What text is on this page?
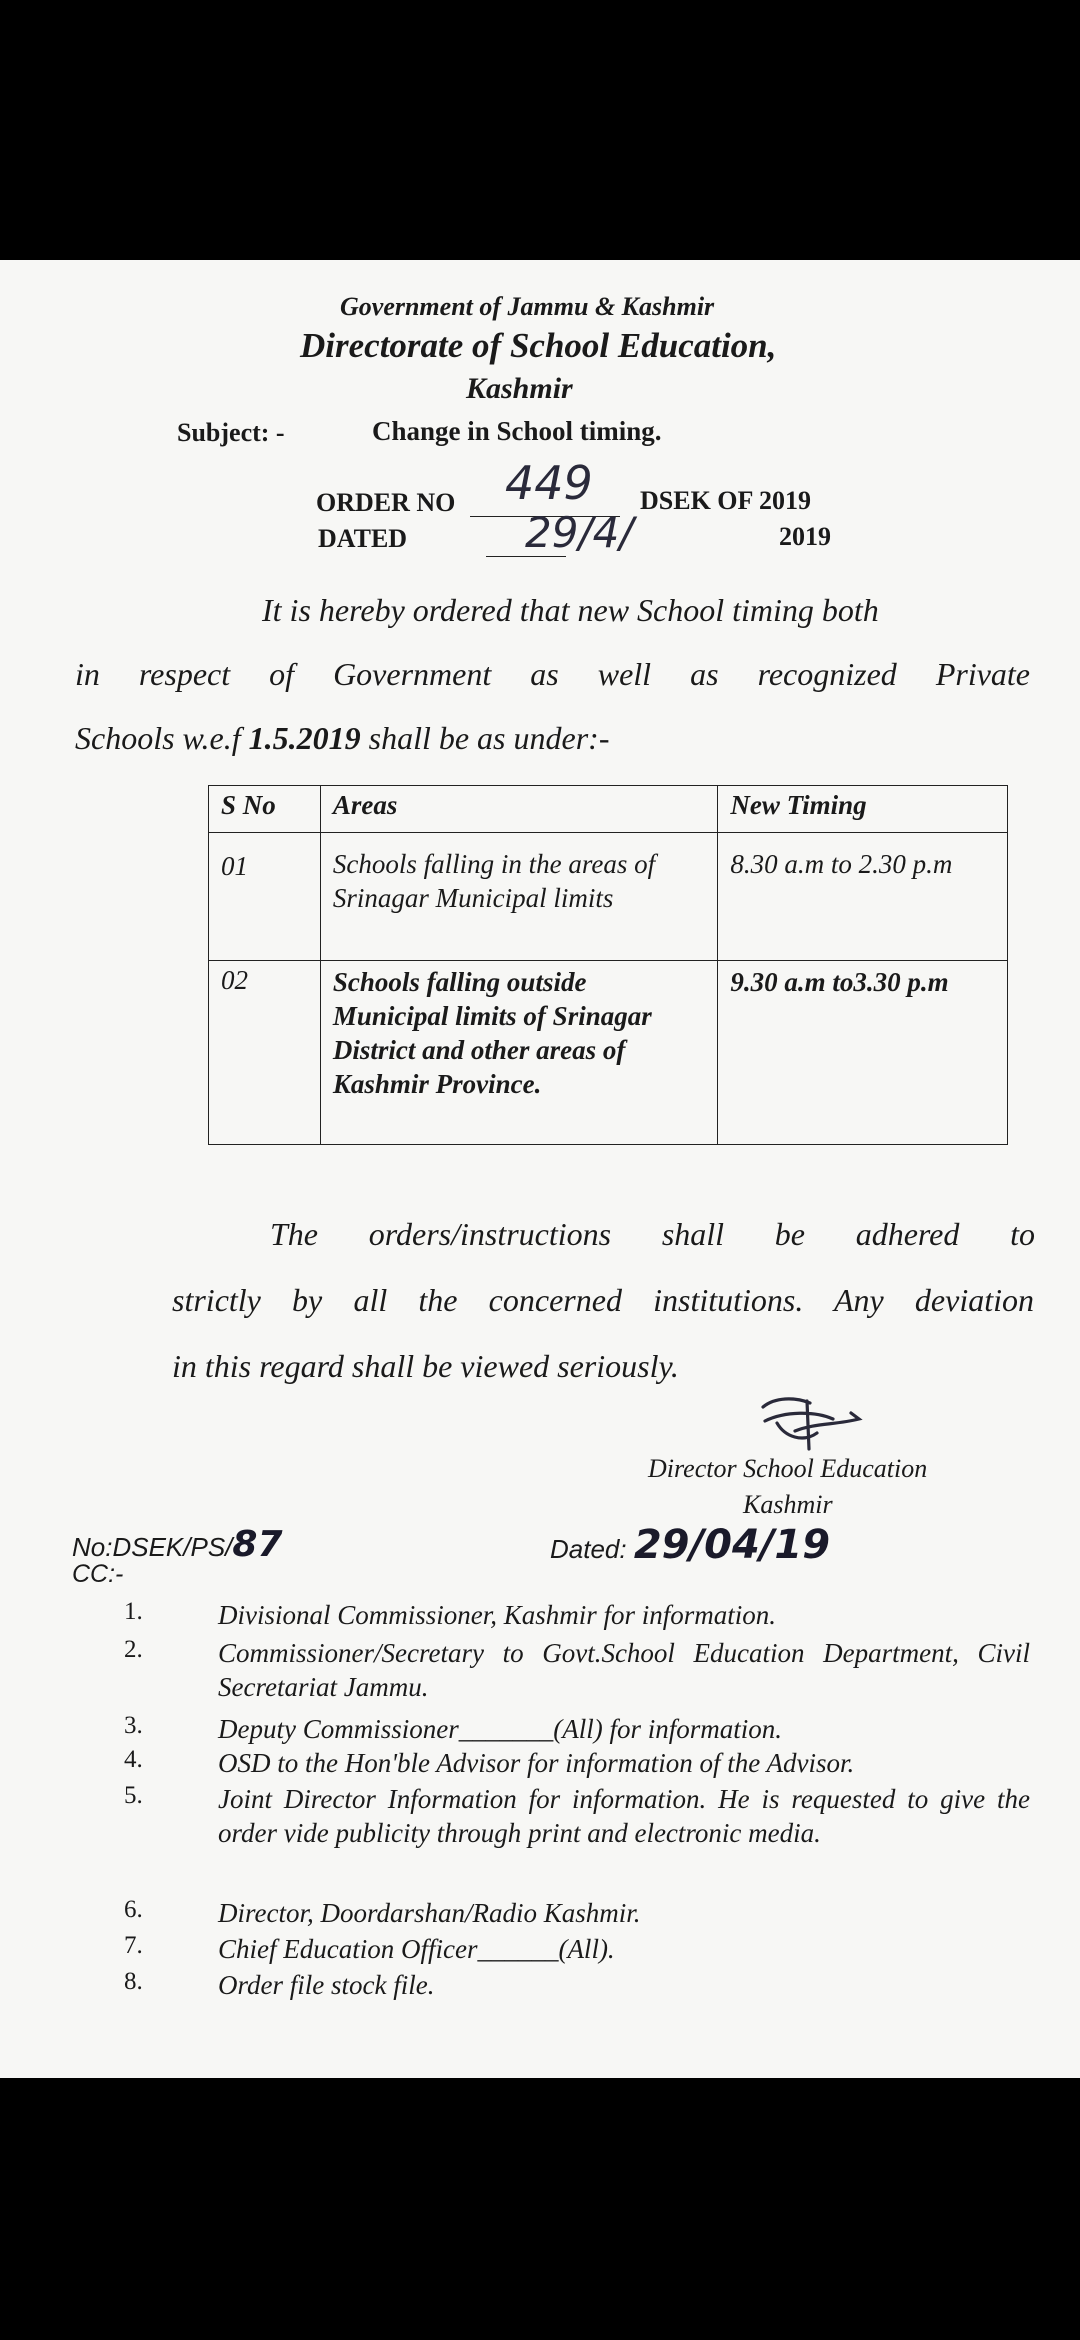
Government of Jammu & Kashmir
Directorate of School Education,
Kashmir
Subject: -	Change in School timing.
ORDER NO 449 DSEK OF 2019
DATED	29/4/	2019
It is hereby ordered that new School timing both
in respect of Government as well as recognized Private
Schools w.e.f 1.5.2019 shall be as under:-
S No	Areas	New Timing
01	Schools falling in the areas of Srinagar Municipal limits	8.30 a.m to 2.30 p.m
02	Schools falling outside Municipal limits of Srinagar District and other areas of Kashmir Province.	9.30 a.m to3.30 p.m
The orders/instructions shall be adhered to
strictly by all the concerned institutions. Any deviation
in this regard shall be viewed seriously.
Director School Education
Kashmir
No:DSEK/PS/87	Dated: 29/04/19
CC:-
1.	Divisional Commissioner, Kashmir for information.
2.	Commissioner/Secretary to Govt.School Education Department, Civil Secretariat Jammu.
3.	Deputy Commissioner_______(All) for information.
4.	OSD to the Hon'ble Advisor for information of the Advisor.
5.	Joint Director Information for information. He is requested to give the order vide publicity through print and electronic media.
6.	Director, Doordarshan/Radio Kashmir.
7.	Chief Education Officer______(All).
8.	Order file stock file.
